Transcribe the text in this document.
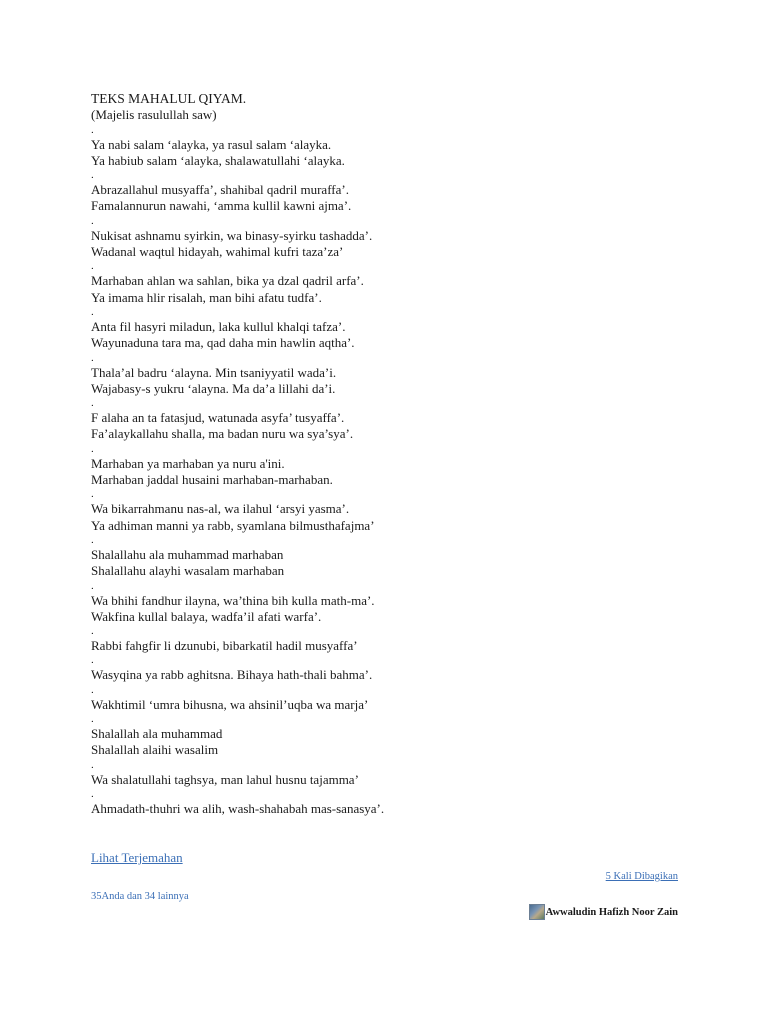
TEKS MAHALUL QIYAM.

(Majelis rasulullah saw)

.

Ya nabi salam ‘alayka, ya rasul salam ‘alayka.

Ya habiub salam ‘alayka, shalawatullahi ‘alayka.

.

Abrazallahul musyaffa’, shahibal qadril muraffa’.

Famalannurun nawahi, ‘amma kullil kawni ajma’.

.

Nukisat ashnamu syirkin, wa binasy-syirku tashadda’.

Wadanal waqtul hidayah, wahimal kufri taza’za’

.

Marhaban ahlan wa sahlan, bika ya dzal qadril arfa’.

Ya imama hlir risalah, man bihi afatu tudfa’.

.

Anta fil hasyri miladun, laka kullul khalqi tafza’.

Wayunaduna tara ma, qad daha min hawlin aqtha’.

.

Thala’al badru ‘alayna. Min tsaniyyatil wada’i.

Wajabasy-s yukru ‘alayna. Ma da’a lillahi da’i.

.

F alaha an ta fatasjud, watunada asyfa’ tusyaffa’.

Fa’alaykallahu shalla, ma badan nuru wa sya’sya’.

.

Marhaban ya marhaban ya nuru a'ini.

Marhaban jaddal husaini marhaban-marhaban.

.

Wa bikarrahmanu nas-al, wa ilahul ‘arsyi yasma’.

Ya adhiman manni ya rabb, syamlana bilmusthafajma’

.

Shalallahu ala muhammad marhaban

Shalallahu alayhi wasalam marhaban

.

Wa bhihi fandhur ilayna, wa’thina bih kulla math-ma’.

Wakfina kullal balaya, wadfa’il afati warfa’.

.

Rabbi fahgfir li dzunubi, bibarkatil hadil musyaffa’

.

Wasyqina ya rabb aghitsna. Bihaya hath-thali bahma’.

.

Wakhtimil ‘umra bihusna, wa ahsinil’uqba wa marja’

.

Shalallah ala muhammad

Shalallah alaihi wasalim

.

Wa shalatullahi taghsya, man lahul husnu tajamma’

.

Ahmadath-thuhri wa alih, wash-shahabah mas-sanasya’.

Lihat Terjemahan
5 Kali Dibagikan
35Anda dan 34 lainnya
Awwaludin Hafizh Noor Zain
